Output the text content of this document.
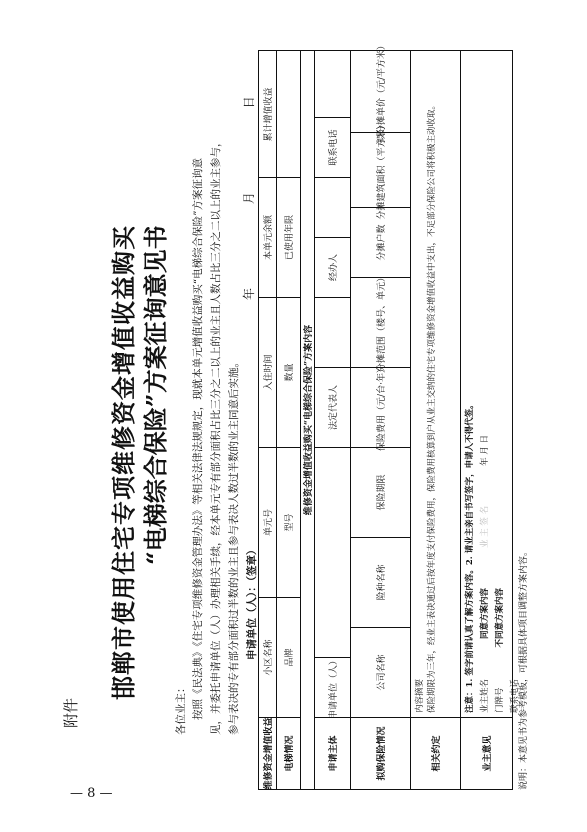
— 8 —
附件
邯郸市使用住宅专项维修资金增值收益购买 “电梯综合保险”方案征询意见书
各位业主： 按照《民法典》《住宅专项维修资金管理办法》等相关法律法规规定，现就本单元增值收益购买“电梯综合保险”方案征询意 见，并委托申请单位（人）办理相关手续，经本单元专有部分面积占比三分之二以上的业主且人数占比三分之二以上的业主参与， 参与表决的专有部分面积过半数的业主且参与表决人数过半数的业主同意后实施。
年 月 日
申请单位（人）：（签章）
维修资金增值收益
小区名称
单元号
入住时间
本单元余额
累计增值收益
电梯情况
品牌
型号
数量
已使用年限
维修资金增值收益购买“电梯综合保险”方案内容
申请主体
申请单位（人）
法定代表人
经办人
联系电话
拟购保险情况
公司名称
险种名称
保险期限
保险费用（元/台·年）
分摊范围（楼号、单元）
分摊户数
分摊建筑面积（平方米）
拟分摊单价（元/平方米）
相关约定
内容摘要 保险期限为三年，经业主表决通过后按年度支付保险费用，保险费用核算到户从业主交纳的住宅专项维修资金增值收益中支出，不足部分保险公司将积极主动收取。
业主意见
注意：1. 签字前请认真了解方案内容。2. 请业主亲自书写签字，申请人不得代签。 业主姓名
同意方案内容
业 主 签 名
年 月 日
门牌号
不同意方案内容
联系电话 说明：本意见书为参考模板，可根据具体项目调整方案内容。
